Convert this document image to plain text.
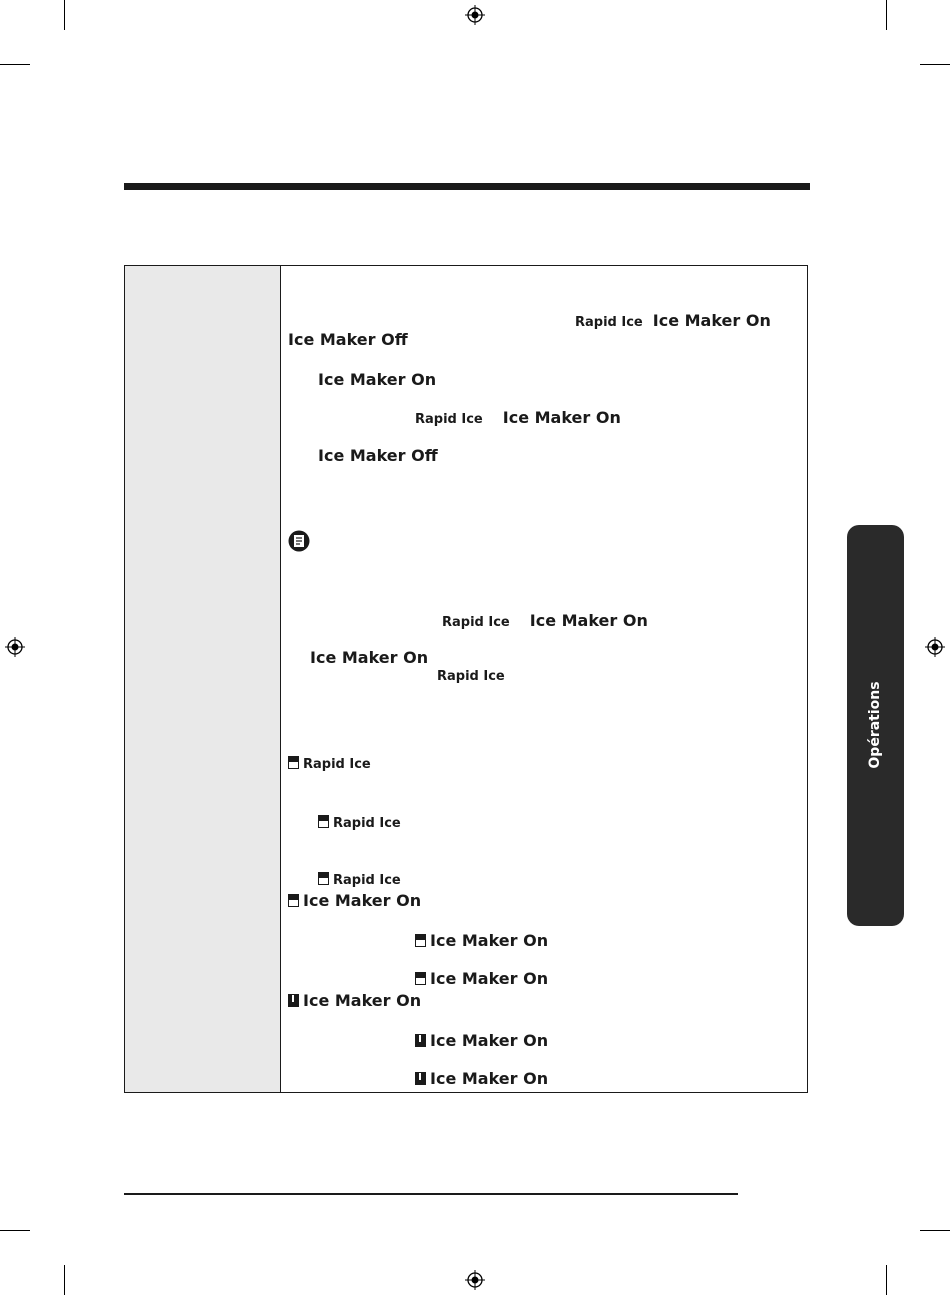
Rapid Ice Ice Maker On
Ice Maker Off
Ice Maker On
Rapid Ice Ice Maker On
Ice Maker Off
Rapid Ice Ice Maker On
Ice Maker On
Rapid Ice
Rapid Ice
Rapid Ice
Rapid Ice
Ice Maker On
Ice Maker On
Ice Maker On
Ice Maker On
Ice Maker On
Ice Maker On
Opérations
